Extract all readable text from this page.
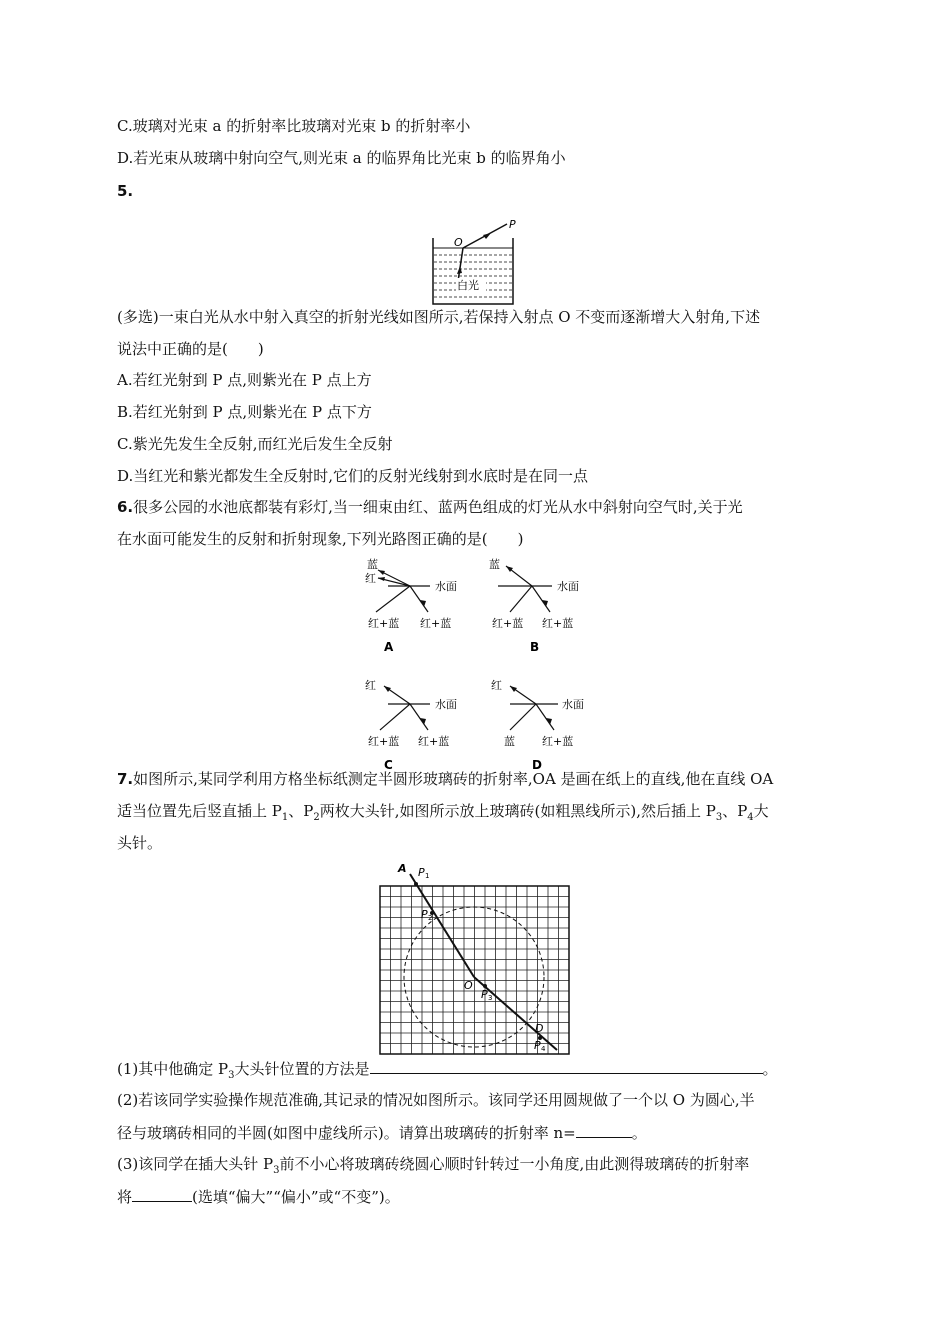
C.玻璃对光束 a 的折射率比玻璃对光束 b 的折射率小
D.若光束从玻璃中射向空气,则光束 a 的临界角比光束 b 的临界角小
5.
O
P
白光
(多选)一束白光从水中射入真空的折射光线如图所示,若保持入射点 O 不变而逐渐增大入射角,下述
说法中正确的是(　　)
A.若红光射到 P 点,则紫光在 P 点上方
B.若红光射到 P 点,则紫光在 P 点下方
C.紫光先发生全反射,而红光后发生全反射
D.当红光和紫光都发生全反射时,它们的反射光线射到水底时是在同一点
6.很多公园的水池底都装有彩灯,当一细束由红、蓝两色组成的灯光从水中斜射向空气时,关于光
在水面可能发生的反射和折射现象,下列光路图正确的是(　　)
蓝
红
水面
红+蓝 红+蓝
A
蓝
水面
红+蓝 红+蓝
B
红
水面
红+蓝 红+蓝
C
红
水面
蓝 红+蓝
D
7.如图所示,某同学利用方格坐标纸测定半圆形玻璃砖的折射率,OA 是画在纸上的直线,他在直线 OA
适当位置先后竖直插上 $P_1$、$P_2$两枚大头针,如图所示放上玻璃砖(如粗黑线所示),然后插上 $P_3$、$P_4$大
头针。
A P 1
P 2
O
P 3
D
P 4
(1)其中他确定 $P_3$大头针位置的方法是	。
(2)若该同学实验操作规范准确,其记录的情况如图所示。该同学还用圆规做了一个以 O 为圆心,半
径与玻璃砖相同的半圆(如图中虚线所示)。请算出玻璃砖的折射率 n=	。
(3)该同学在插大头针 $P_3$前不小心将玻璃砖绕圆心顺时针转过一小角度,由此测得玻璃砖的折射率
将	(选填“偏大”“偏小”或“不变”)。
